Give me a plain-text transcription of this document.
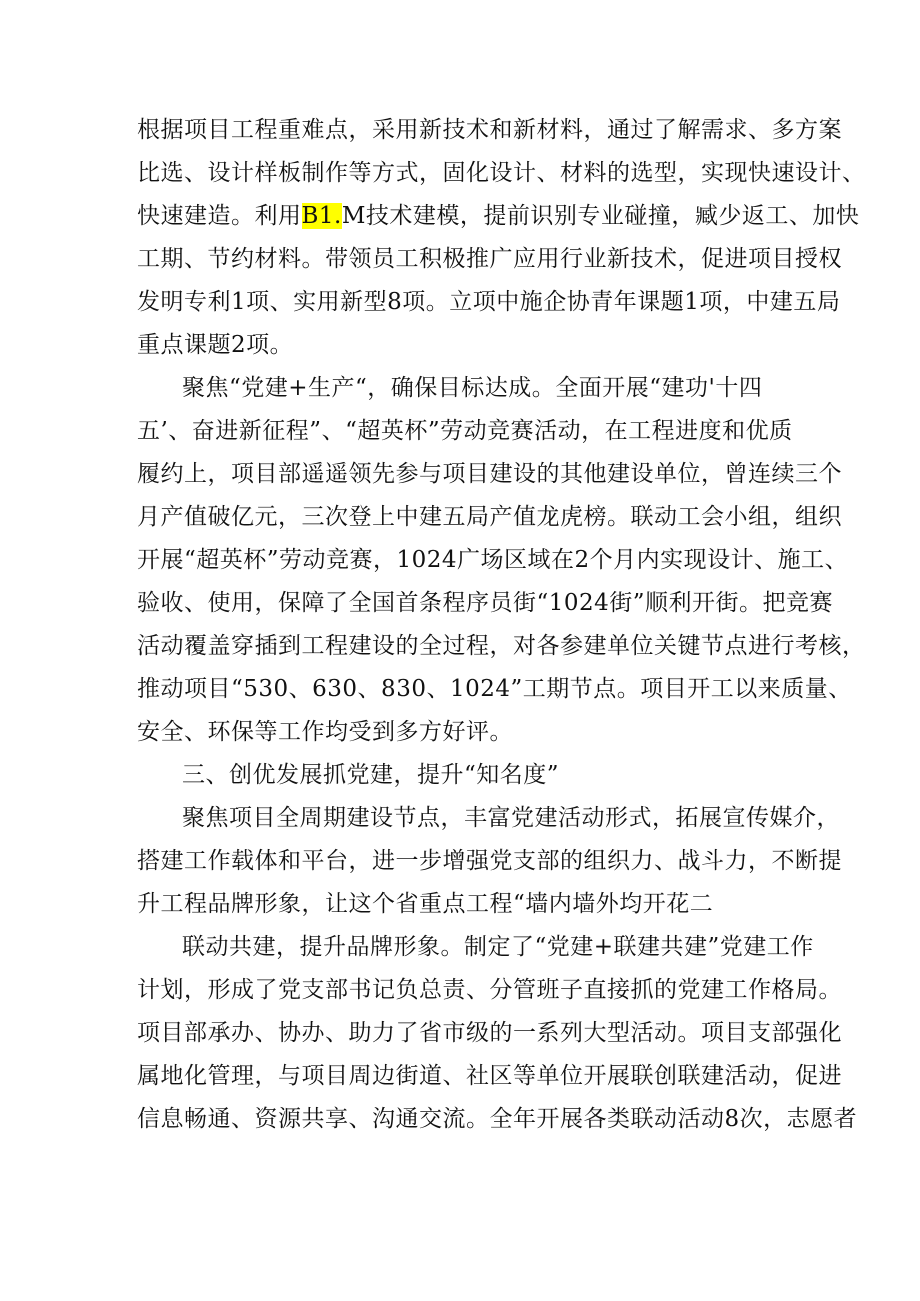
根据项目工程重难点，采用新技术和新材料，通过了解需求、多方案
比选、设计样板制作等方式，固化设计、材料的选型，实现快速设计、
快速建造。利用B1.M技术建模，提前识别专业碰撞，臧少返工、加快
工期、节约材料。带领员工积极推广应用行业新技术，促进项目授权
发明专利1项、实用新型8项。立项中施企协青年课题1项，中建五局
重点课题2项。
聚焦“党建+生产“，确保目标达成。全面开展“建功'十四
五’、奋进新征程”、“超英杯”劳动竞赛活动，在工程进度和优质
履约上，项目部遥遥领先参与项目建设的其他建设单位，曾连续三个
月产值破亿元，三次登上中建五局产值龙虎榜。联动工会小组，组织
开展“超英杯”劳动竞赛，1024广场区域在2个月内实现设计、施工、
验收、使用，保障了全国首条程序员街“1024街”顺利开街。把竞赛
活动覆盖穿插到工程建设的全过程，对各参建单位关键节点进行考核，
推动项目“530、630、830、1024”工期节点。项目开工以来质量、
安全、环保等工作均受到多方好评。
三、创优发展抓党建，提升“知名度”
聚焦项目全周期建设节点，丰富党建活动形式，拓展宣传媒介，
搭建工作载体和平台，进一步增强党支部的组织力、战斗力，不断提
升工程品牌形象，让这个省重点工程“墙内墙外均开花二
联动共建，提升品牌形象。制定了“党建+联建共建”党建工作
计划，形成了党支部书记负总责、分管班子直接抓的党建工作格局。
项目部承办、协办、助力了省市级的一系列大型活动。项目支部强化
属地化管理，与项目周边街道、社区等单位开展联创联建活动，促进
信息畅通、资源共享、沟通交流。全年开展各类联动活动8次，志愿者
